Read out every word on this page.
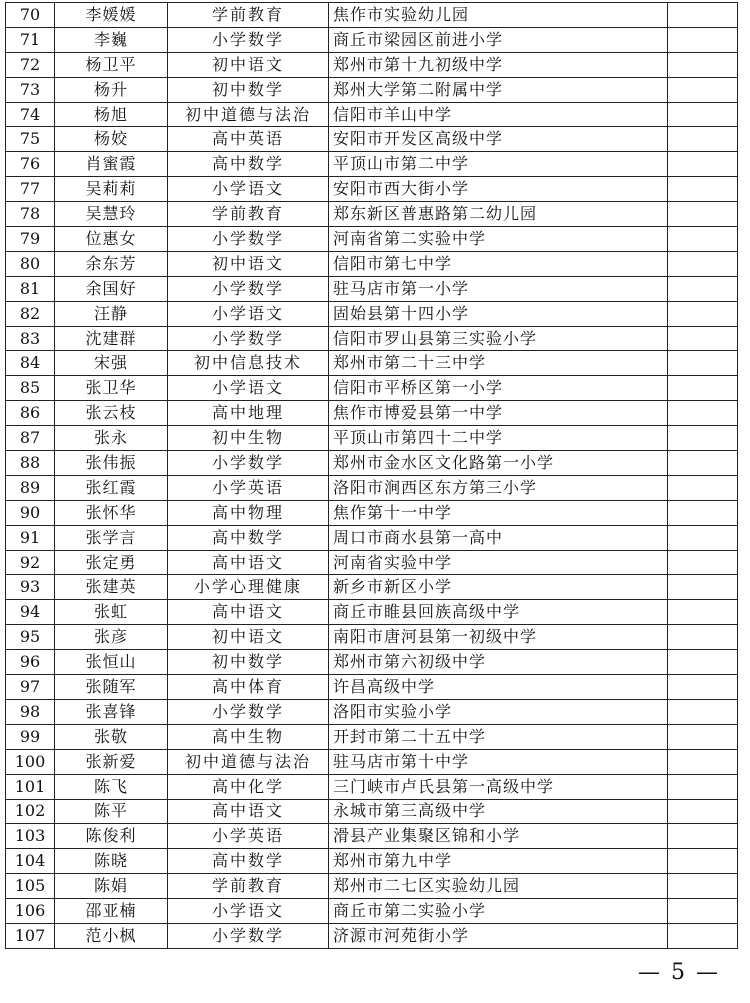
70	李媛媛	学前教育	焦作市实验幼儿园	
71	李巍	小学数学	商丘市梁园区前进小学	
72	杨卫平	初中语文	郑州市第十九初级中学	
73	杨升	初中数学	郑州大学第二附属中学	
74	杨旭	初中道德与法治	信阳市羊山中学	
75	杨姣	高中英语	安阳市开发区高级中学	
76	肖蜜霞	高中数学	平顶山市第二中学	
77	吴莉莉	小学语文	安阳市西大街小学	
78	吴慧玲	学前教育	郑东新区普惠路第二幼儿园	
79	位惠女	小学数学	河南省第二实验中学	
80	余东芳	初中语文	信阳市第七中学	
81	余国好	小学数学	驻马店市第一小学	
82	汪静	小学语文	固始县第十四小学	
83	沈建群	小学数学	信阳市罗山县第三实验小学	
84	宋强	初中信息技术	郑州市第二十三中学	
85	张卫华	小学语文	信阳市平桥区第一小学	
86	张云枝	高中地理	焦作市博爱县第一中学	
87	张永	初中生物	平顶山市第四十二中学	
88	张伟振	小学数学	郑州市金水区文化路第一小学	
89	张红霞	小学英语	洛阳市涧西区东方第三小学	
90	张怀华	高中物理	焦作第十一中学	
91	张学言	高中数学	周口市商水县第一高中	
92	张定勇	高中语文	河南省实验中学	
93	张建英	小学心理健康	新乡市新区小学	
94	张虹	高中语文	商丘市睢县回族高级中学	
95	张彦	初中语文	南阳市唐河县第一初级中学	
96	张恒山	初中数学	郑州市第六初级中学	
97	张随军	高中体育	许昌高级中学	
98	张喜锋	小学数学	洛阳市实验小学	
99	张敬	高中生物	开封市第二十五中学	
100	张新爱	初中道德与法治	驻马店市第十中学	
101	陈飞	高中化学	三门峡市卢氏县第一高级中学	
102	陈平	高中语文	永城市第三高级中学	
103	陈俊利	小学英语	滑县产业集聚区锦和小学	
104	陈晓	高中数学	郑州市第九中学	
105	陈娟	学前教育	郑州市二七区实验幼儿园	
106	邵亚楠	小学语文	商丘市第二实验小学	
107	范小枫	小学数学	济源市河苑街小学	
— 5 —
